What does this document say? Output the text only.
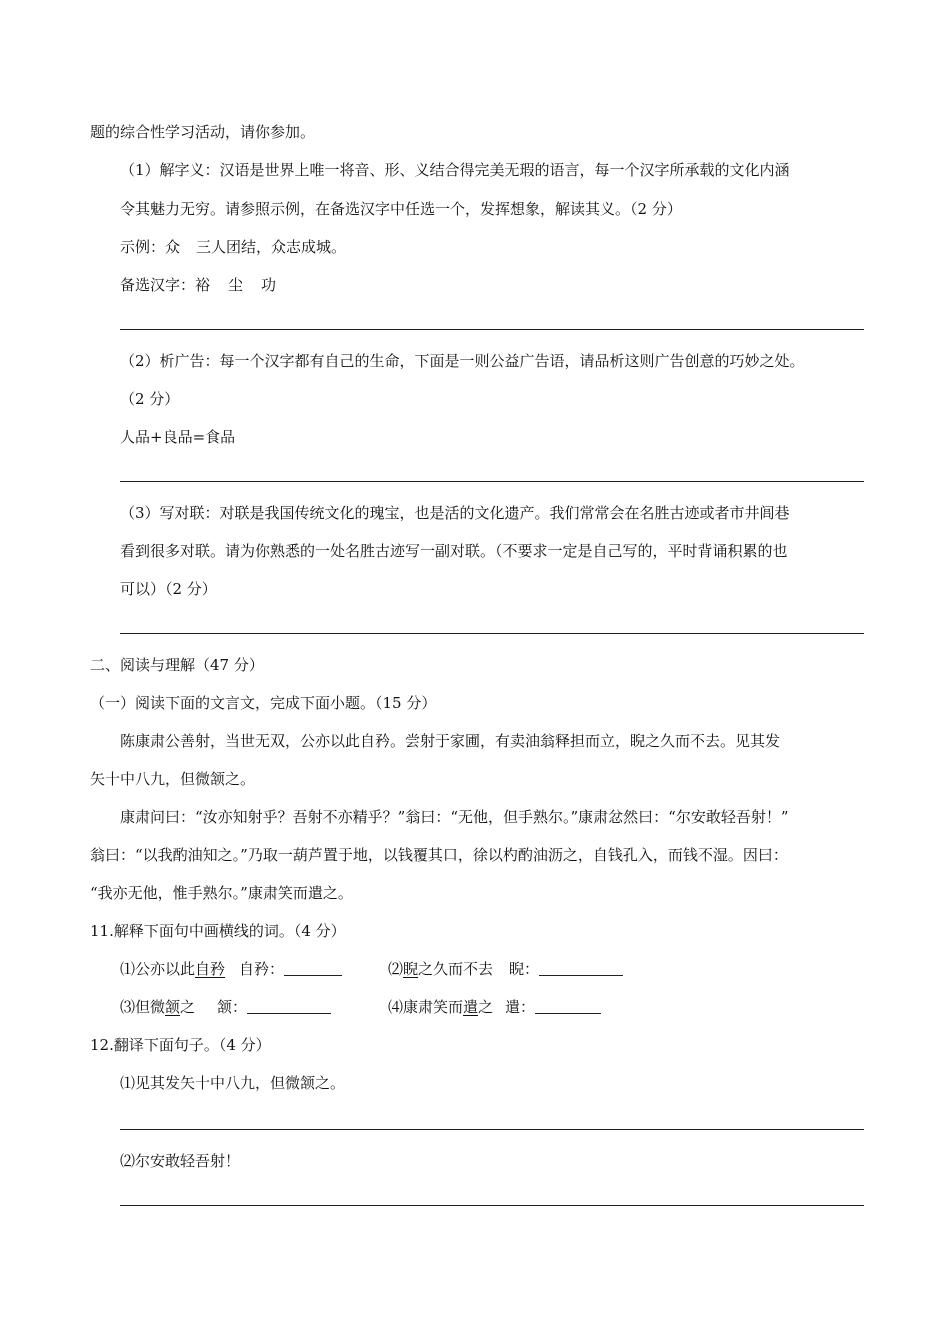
题的综合性学习活动，请你参加。
（1）解字义：汉语是世界上唯一将音、形、义结合得完美无瑕的语言，每一个汉字所承载的文化内涵
令其魅力无穷。请参照示例，在备选汉字中任选一个，发挥想象，解读其义。（2 分）
示例：众 三人团结，众志成城。
备选汉字：裕 尘 功
（2）析广告：每一个汉字都有自己的生命，下面是一则公益广告语，请品析这则广告创意的巧妙之处。
（2 分）
人品+良品=食品
（3）写对联：对联是我国传统文化的瑰宝，也是活的文化遗产。我们常常会在名胜古迹或者市井闾巷
看到很多对联。请为你熟悉的一处名胜古迹写一副对联。（不要求一定是自己写的，平时背诵积累的也
可以）（2 分）
二、阅读与理解（47 分）
（一）阅读下面的文言文，完成下面小题。（15 分）
陈康肃公善射，当世无双，公亦以此自矜。尝射于家圃，有卖油翁释担而立，睨之久而不去。见其发
矢十中八九，但微颔之。
康肃问曰：“汝亦知射乎？吾射不亦精乎？”翁曰：“无他，但手熟尔。”康肃忿然曰：“尔安敢轻吾射！”
翁曰：“以我酌油知之。”乃取一葫芦置于地，以钱覆其口，徐以杓酌油沥之，自钱孔入，而钱不湿。因曰：
“我亦无他，惟手熟尔。”康肃笑而遣之。
11.解释下面句中画横线的词。（4 分）
⑴公亦以此自矜 自矜：	⑵睨之久而不去 睨：
⑶但微颔之 颔：	⑷康肃笑而遣之 遣：
12.翻译下面句子。（4 分）
⑴见其发矢十中八九，但微颔之。
⑵尔安敢轻吾射！
